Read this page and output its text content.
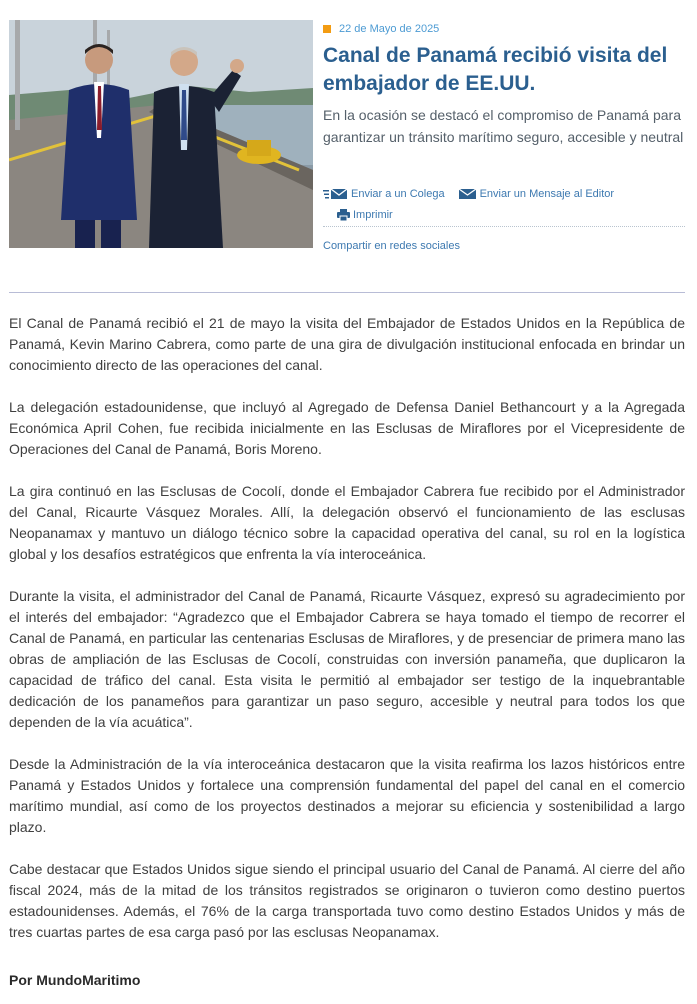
22 de Mayo de 2025
Canal de Panamá recibió visita del embajador de EE.UU.

En la ocasión se destacó el compromiso de Panamá para garantizar un tránsito marítimo seguro, accesible y neutral

Enviar a un Colega	Enviar un Mensaje al Editor
Imprimir
Compartir en redes sociales

El Canal de Panamá recibió el 21 de mayo la visita del Embajador de Estados Unidos en la República de Panamá, Kevin Marino Cabrera, como parte de una gira de divulgación institucional enfocada en brindar un conocimiento directo de las operaciones del canal.

La delegación estadounidense, que incluyó al Agregado de Defensa Daniel Bethancourt y a la Agregada Económica April Cohen, fue recibida inicialmente en las Esclusas de Miraflores por el Vicepresidente de Operaciones del Canal de Panamá, Boris Moreno.

La gira continuó en las Esclusas de Cocolí, donde el Embajador Cabrera fue recibido por el Administrador del Canal, Ricaurte Vásquez Morales. Allí, la delegación observó el funcionamiento de las esclusas Neopanamax y mantuvo un diálogo técnico sobre la capacidad operativa del canal, su rol en la logística global y los desafíos estratégicos que enfrenta la vía interoceánica.

Durante la visita, el administrador del Canal de Panamá, Ricaurte Vásquez, expresó su agradecimiento por el interés del embajador: “Agradezco que el Embajador Cabrera se haya tomado el tiempo de recorrer el Canal de Panamá, en particular las centenarias Esclusas de Miraflores, y de presenciar de primera mano las obras de ampliación de las Esclusas de Cocolí, construidas con inversión panameña, que duplicaron la capacidad de tráfico del canal. Esta visita le permitió al embajador ser testigo de la inquebrantable dedicación de los panameños para garantizar un paso seguro, accesible y neutral para todos los que dependen de la vía acuática”.

Desde la Administración de la vía interoceánica destacaron que la visita reafirma los lazos históricos entre Panamá y Estados Unidos y fortalece una comprensión fundamental del papel del canal en el comercio marítimo mundial, así como de los proyectos destinados a mejorar su eficiencia y sostenibilidad a largo plazo.

Cabe destacar que Estados Unidos sigue siendo el principal usuario del Canal de Panamá. Al cierre del año fiscal 2024, más de la mitad de los tránsitos registrados se originaron o tuvieron como destino puertos estadounidenses. Además, el 76% de la carga transportada tuvo como destino Estados Unidos y más de tres cuartas partes de esa carga pasó por las esclusas Neopanamax.

Por MundoMaritimo
